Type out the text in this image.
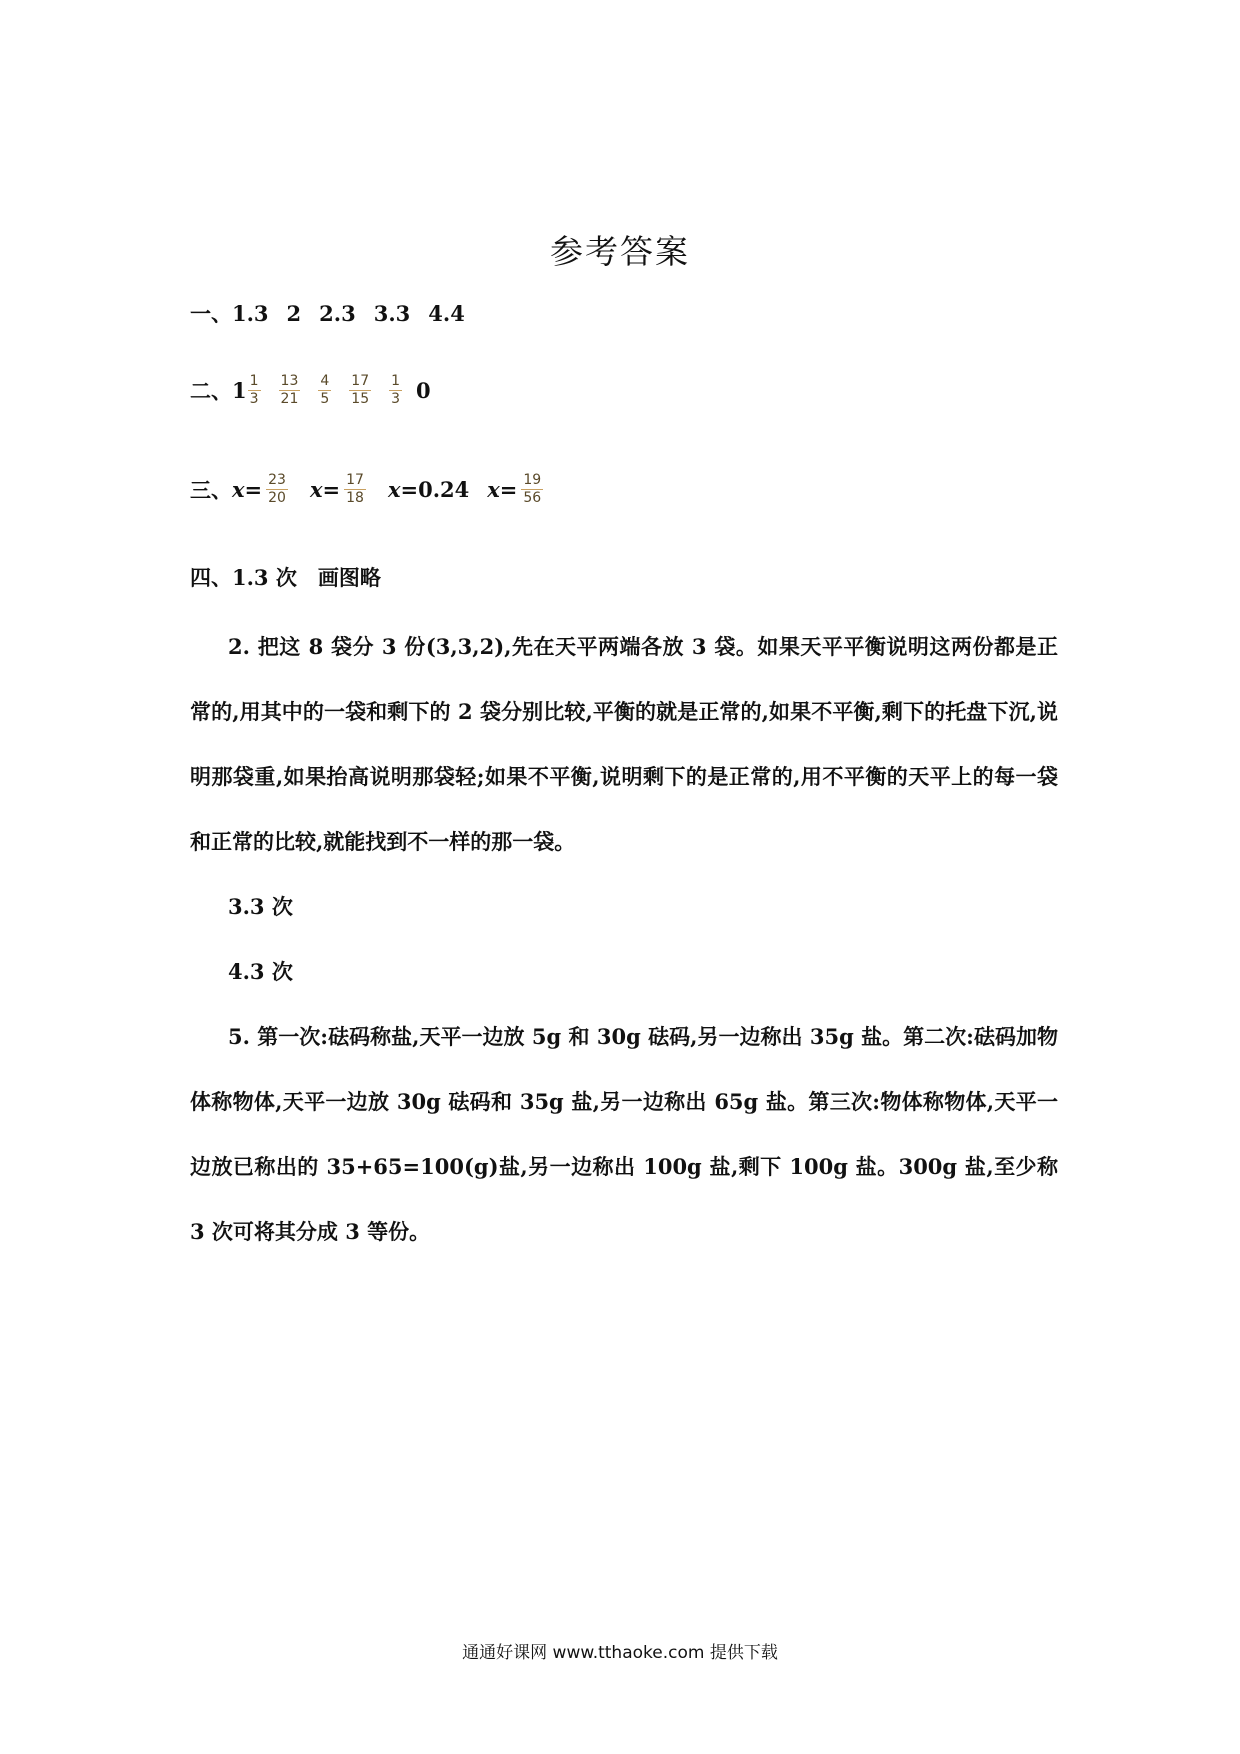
参考答案
一、1.3 2 2.3 3.3 4.4
二、$1 \frac{1}{3} \frac{13}{21} \frac{4}{5} \frac{17}{15} \frac{1}{3} 0$
三、$x= \frac{23}{20} x= \frac{17}{18} x=0.24$ $x= \frac{19}{56}$
四、1.3 次　画图略
2. 把这 8 袋分 3 份(3,3,2),先在天平两端各放 3 袋。如果天平平衡说明这两份都是正常的,用其中的一袋和剩下的 2 袋分别比较,平衡的就是正常的,如果不平衡,剩下的托盘下沉,说明那袋重,如果抬高说明那袋轻;如果不平衡,说明剩下的是正常的,用不平衡的天平上的每一袋和正常的比较,就能找到不一样的那一袋。
3.3 次
4.3 次
5. 第一次:砝码称盐,天平一边放 5g 和 30g 砝码,另一边称出 35g 盐。第二次:砝码加物体称物体,天平一边放 30g 砝码和 35g 盐,另一边称出 65g 盐。第三次:物体称物体,天平一边放已称出的 35+65=100(g)盐,另一边称出 100g 盐,剩下 100g 盐。300g 盐,至少称 3 次可将其分成 3 等份。
通通好课网 www.tthaoke.com 提供下载
